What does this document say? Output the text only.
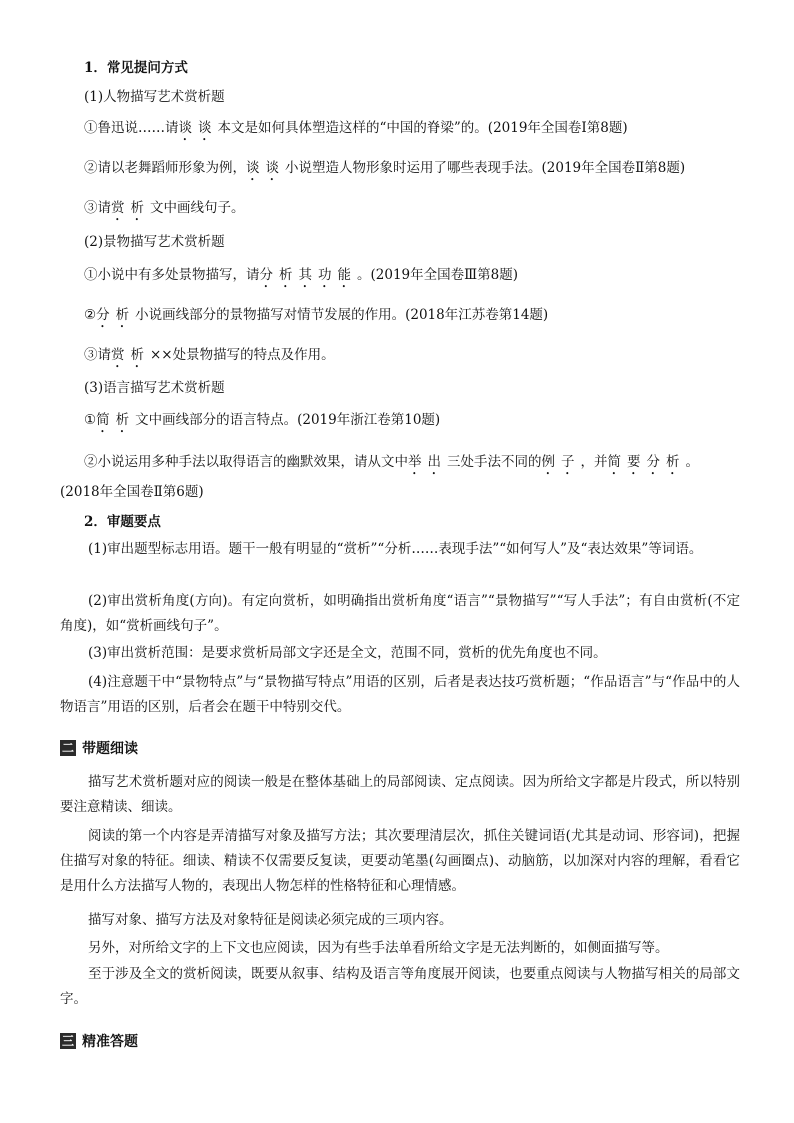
1．常见提问方式
(1)人物描写艺术赏析题
①鲁迅说……请谈谈本文是如何具体塑造这样的“中国的脊梁”的。(2019年全国卷Ⅰ第8题)
②请以老舞蹈师形象为例，谈谈小说塑造人物形象时运用了哪些表现手法。(2019年全国卷Ⅱ第8题)
③请赏析文中画线句子。
(2)景物描写艺术赏析题
①小说中有多处景物描写，请分析其功能。(2019年全国卷Ⅲ第8题)
②分析小说画线部分的景物描写对情节发展的作用。(2018年江苏卷第14题)
③请赏析××处景物描写的特点及作用。
(3)语言描写艺术赏析题
①简析文中画线部分的语言特点。(2019年浙江卷第10题)
②小说运用多种手法以取得语言的幽默效果，请从文中举出三处手法不同的例子，并简要分析。
(2018年全国卷Ⅱ第6题)
2．审题要点
(1)审出题型标志用语。题干一般有明显的“赏析”“分析……表现手法”“如何写人”及“表达效果”等词语。
(2)审出赏析角度(方向)。有定向赏析，如明确指出赏析角度“语言”“景物描写”“写人手法”；有自由赏析(不定角度)，如“赏析画线句子”。
(3)审出赏析范围：是要求赏析局部文字还是全文，范围不同，赏析的优先角度也不同。
(4)注意题干中“景物特点”与“景物描写特点”用语的区别，后者是表达技巧赏析题；“作品语言”与“作品中的人物语言”用语的区别，后者会在题干中特别交代。
二 带题细读
描写艺术赏析题对应的阅读一般是在整体基础上的局部阅读、定点阅读。因为所给文字都是片段式，所以特别要注意精读、细读。
阅读的第一个内容是弄清描写对象及描写方法；其次要理清层次，抓住关键词语(尤其是动词、形容词)，把握住描写对象的特征。细读、精读不仅需要反复读，更要动笔墨(勾画圈点)、动脑筋，以加深对内容的理解，看看它是用什么方法描写人物的，表现出人物怎样的性格特征和心理情感。
描写对象、描写方法及对象特征是阅读必须完成的三项内容。
另外，对所给文字的上下文也应阅读，因为有些手法单看所给文字是无法判断的，如侧面描写等。
至于涉及全文的赏析阅读，既要从叙事、结构及语言等角度展开阅读，也要重点阅读与人物描写相关的局部文字。
三 精准答题
